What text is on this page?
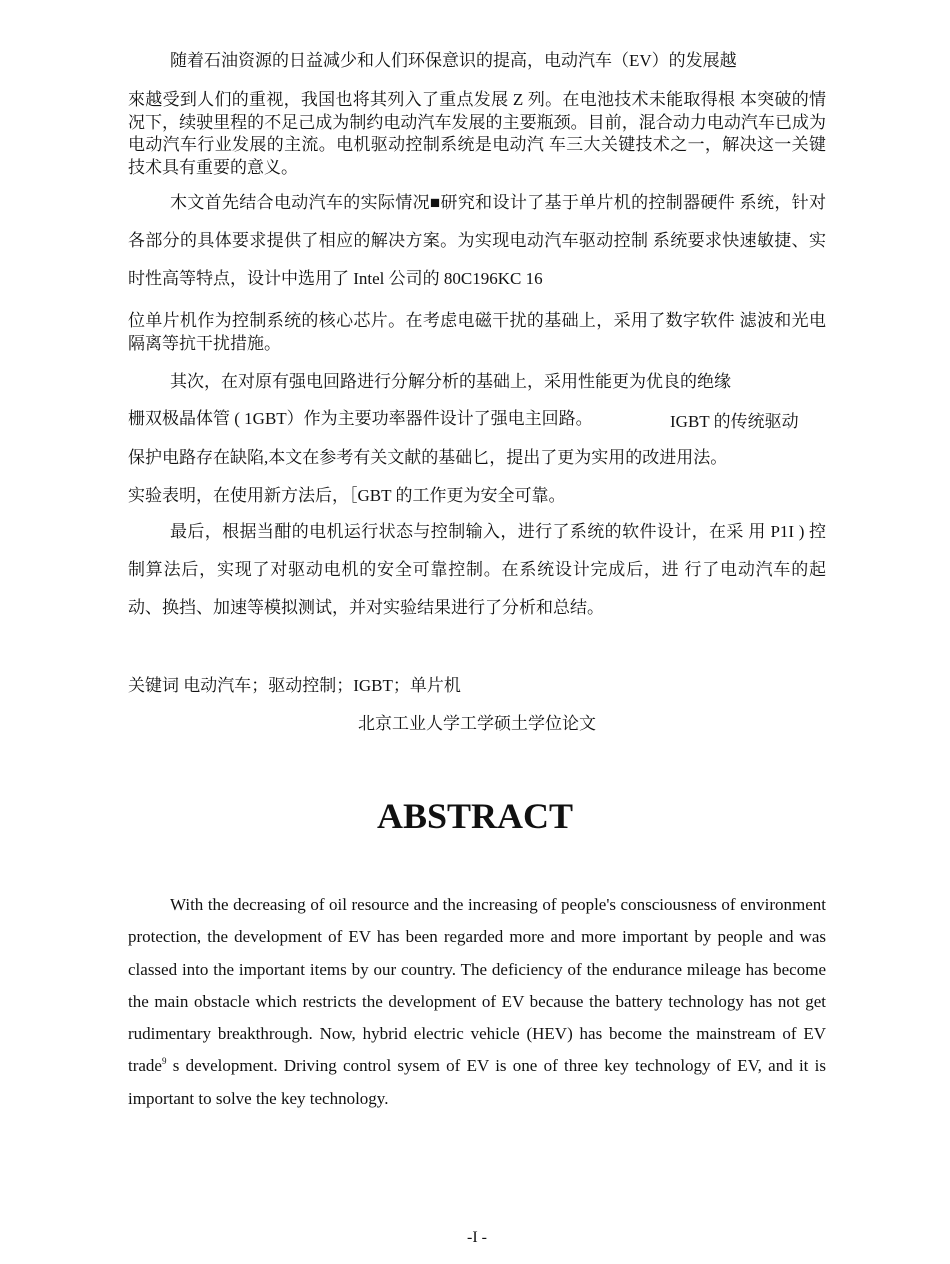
随着石油资源的日益减少和人们环保意识的提高，电动汽车（EV）的发展越

來越受到人们的重视，我国也将其列入了重点发展 Z 列。在电池技术未能取得根 本突破的情况下，续驶里程的不足己成为制约电动汽车发展的主要瓶颈。目前，混合动力电动汽车已成为电动汽车行业发展的主流。电机驱动控制系统是电动汽 车三大关键技术之一，解决这一关键技术具有重要的意义。

木文首先结合电动汽车的实际情况■研究和设计了基于单片机的控制器硬件 系统，针对各部分的具体要求提供了相应的解决方案。为实现电动汽车驱动控制 系统要求快速敏捷、实时性高等特点，设计中选用了 Intel 公司的 80C196KC 16

位单片机作为控制系统的核心芯片。在考虑电磁干扰的基础上，采用了数字软件 滤波和光电隔离等抗干扰措施。

其次，在对原有强电回路进行分解分析的基础上，采用性能更为优良的绝缘

栅双极晶体管 ( 1GBT）作为主要功率器件设计了强电主回路。	IGBT 的传统驱动

保护电路存在缺陷,本文在参考有关文献的基础匕，提出了更为实用的改进用法。

实验表明，在使用新方法后，［GBT 的工作更为安全可靠。

最后，根据当酣的电机运行状态与控制输入，进行了系统的软件设计，在采 用 P1I ) 控制算法后，实现了对驱动电机的安全可靠控制。在系统设计完成后，进 行了电动汽车的起动、换挡、加速等模拟测试，并对实验结果进行了分析和总结。

关键词 电动汽车；驱动控制；IGBT；单片机

北京工业人学工学硕土学位论文

ABSTRACT

With the decreasing of oil resource and the increasing of people's consciousness of environment protection, the development of EV has been regarded more and more important by people and was classed into the important items by our country. The deficiency of the endurance mileage has become the main obstacle which restricts the development of EV because the battery technology has not get rudimentary breakthrough. Now, hybrid electric vehicle (HEV) has become the mainstream of EV trade$^9$ s development. Driving control sysem of EV is one of three key technology of EV, and it is important to solve the key technology.

-I -
